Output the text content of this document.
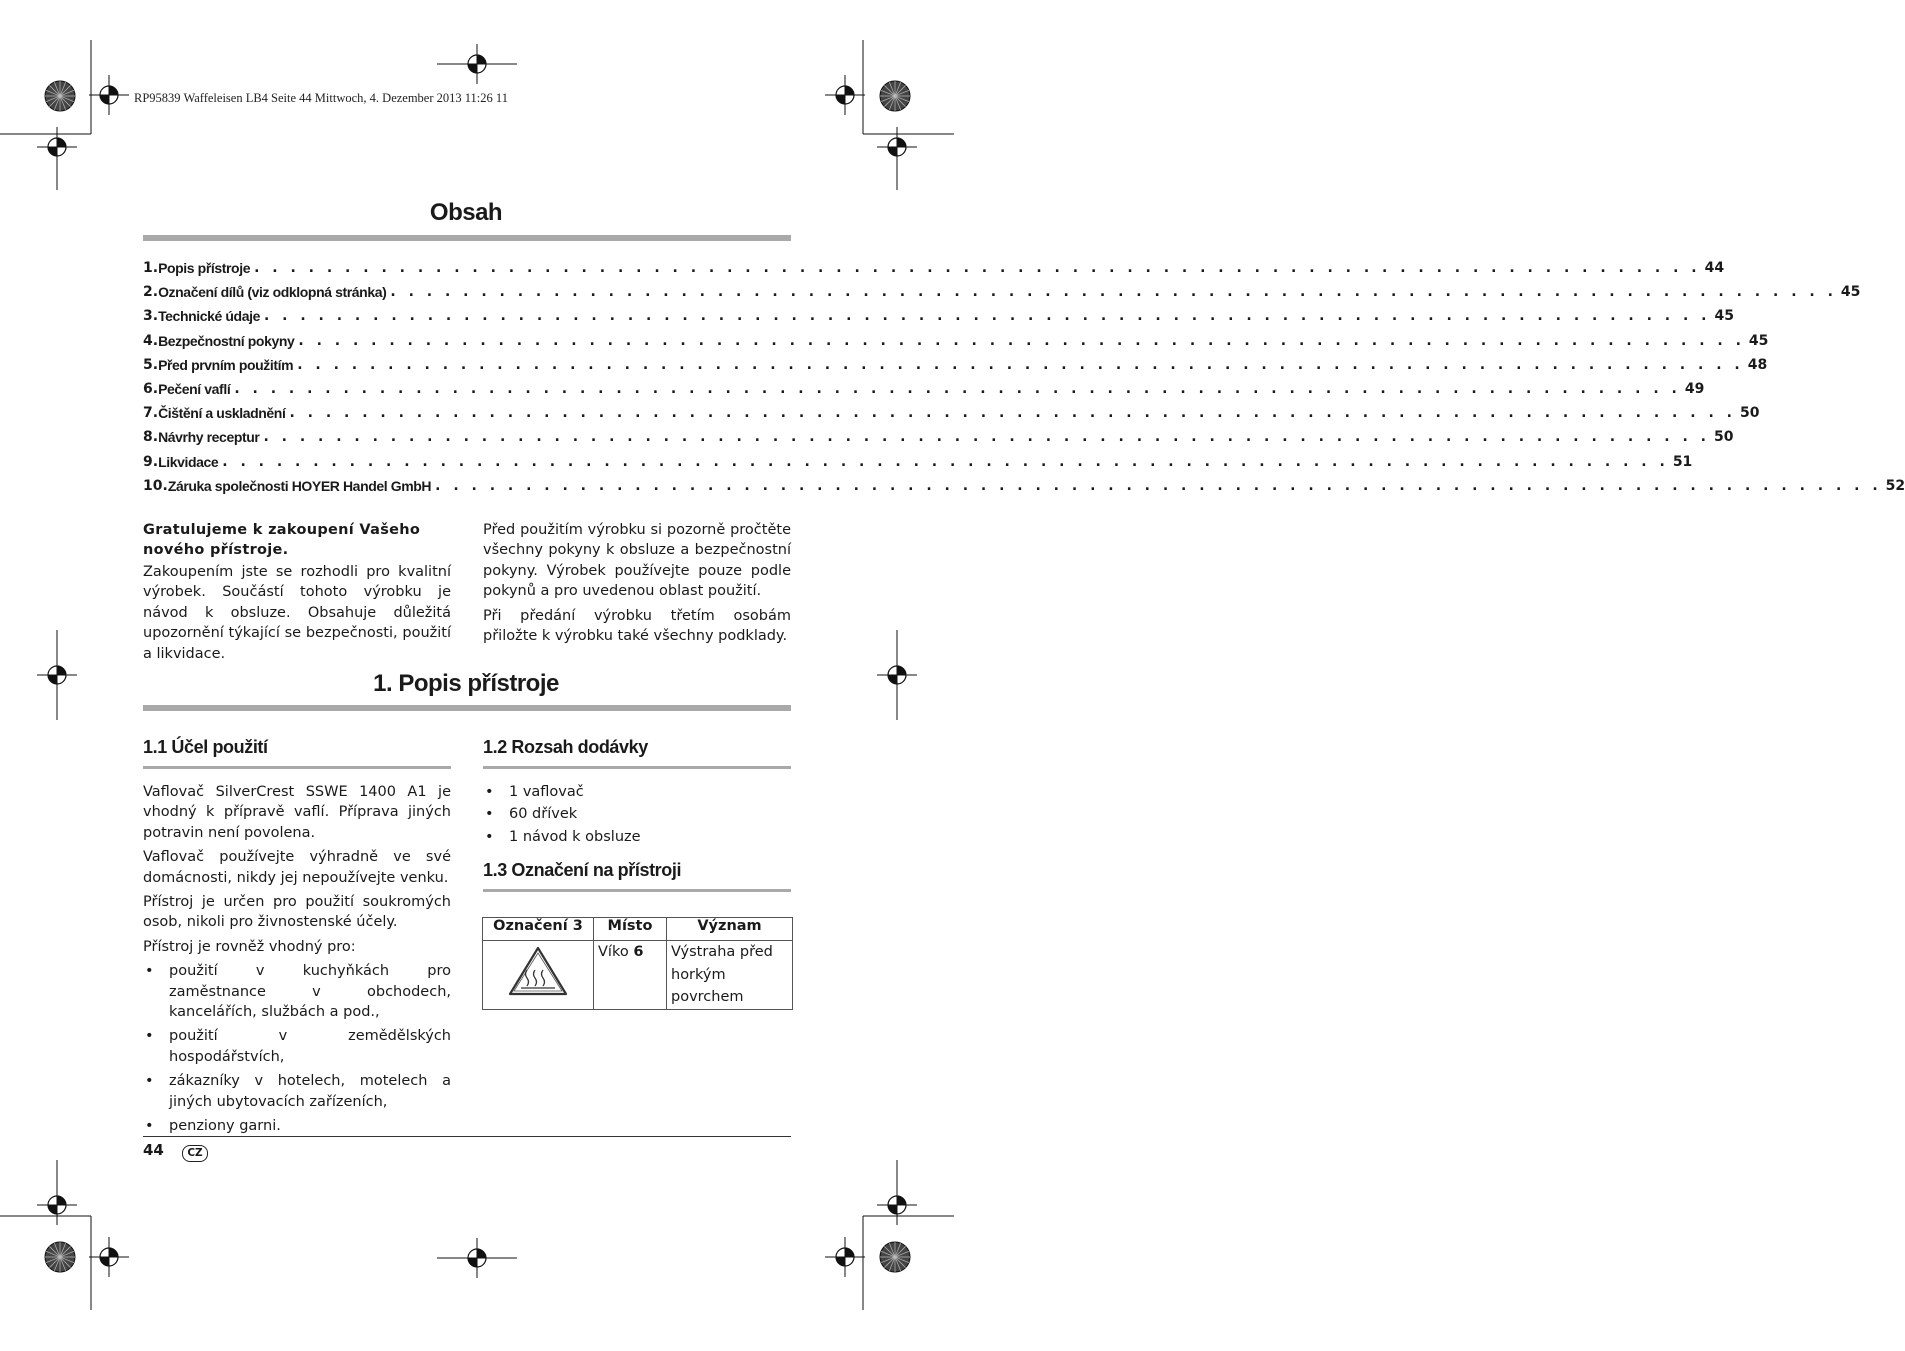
RP95839 Waffeleisen LB4 Seite 44 Mittwoch, 4. Dezember 2013 11:26 11
Obsah
1. Popis přístroje . . . . . . . . . . . . . . . . . . . . . . . . . . . . . . . . . . . . . . . . . . . . . . . . . . . . . . . . . . . . . . . . . . . . . . . . . . . . . . . . 44
2. Označení dílů (viz odklopná stránka) . . . . . . . . . . . . . . . . . . . . . . . . . . . . . . . . . . . . . . . . . . . . . . . . . . . . . . . . . . . . . . . . . . . . . . . . . . . . . . . . 45
3. Technické údaje . . . . . . . . . . . . . . . . . . . . . . . . . . . . . . . . . . . . . . . . . . . . . . . . . . . . . . . . . . . . . . . . . . . . . . . . . . . . . . . . 45
4. Bezpečnostní pokyny . . . . . . . . . . . . . . . . . . . . . . . . . . . . . . . . . . . . . . . . . . . . . . . . . . . . . . . . . . . . . . . . . . . . . . . . . . . . . . . . 45
5. Před prvním použitím . . . . . . . . . . . . . . . . . . . . . . . . . . . . . . . . . . . . . . . . . . . . . . . . . . . . . . . . . . . . . . . . . . . . . . . . . . . . . . . . 48
6. Pečení vaflí . . . . . . . . . . . . . . . . . . . . . . . . . . . . . . . . . . . . . . . . . . . . . . . . . . . . . . . . . . . . . . . . . . . . . . . . . . . . . . . . 49
7. Čištění a uskladnění . . . . . . . . . . . . . . . . . . . . . . . . . . . . . . . . . . . . . . . . . . . . . . . . . . . . . . . . . . . . . . . . . . . . . . . . . . . . . . . . 50
8. Návrhy receptur . . . . . . . . . . . . . . . . . . . . . . . . . . . . . . . . . . . . . . . . . . . . . . . . . . . . . . . . . . . . . . . . . . . . . . . . . . . . . . . . 50
9. Likvidace . . . . . . . . . . . . . . . . . . . . . . . . . . . . . . . . . . . . . . . . . . . . . . . . . . . . . . . . . . . . . . . . . . . . . . . . . . . . . . . . 51
10. Záruka společnosti HOYER Handel GmbH . . . . . . . . . . . . . . . . . . . . . . . . . . . . . . . . . . . . . . . . . . . . . . . . . . . . . . . . . . . . . . . . . . . . . . . . . . . . . . . . 52
Gratulujeme k zakoupení Vašeho nového přístroje.

Zakoupením jste se rozhodli pro kvalitní výrobek. Součástí tohoto výrobku je návod k obsluze. Obsahuje důležitá upozornění týkající se bezpečnosti, použití a likvidace.

Před použitím výrobku si pozorně pročtěte všechny pokyny k obsluze a bezpečnostní pokyny. Výrobek používejte pouze podle pokynů a pro uvedenou oblast použití.

Při předání výrobku třetím osobám přiložte k výrobku také všechny podklady.

1. Popis přístroje
1.1 Účel použití

Vaflovač SilverCrest SSWE 1400 A1 je vhodný k přípravě vaflí. Příprava jiných potravin není povolena.

Vaflovač používejte výhradně ve své domácnosti, nikdy jej nepoužívejte venku.

Přístroj je určen pro použití soukromých osob, nikoli pro živnostenské účely.

Přístroj je rovněž vhodný pro:

• použití v kuchyňkách pro zaměstnance v obchodech, kancelářích, službách a pod.,
• použití v zemědělských hospodářstvích,
• zákazníky v hotelech, motelech a jiných ubytovacích zařízeních,
• penziony garni.
1.2 Rozsah dodávky
• 1 vaflovač
• 60 dřívek
• 1 návod k obsluze
1.3 Označení na přístroji
Označení 3	Místo	Význam
	Víko 6	Výstraha před horkým povrchem
44	CZ
